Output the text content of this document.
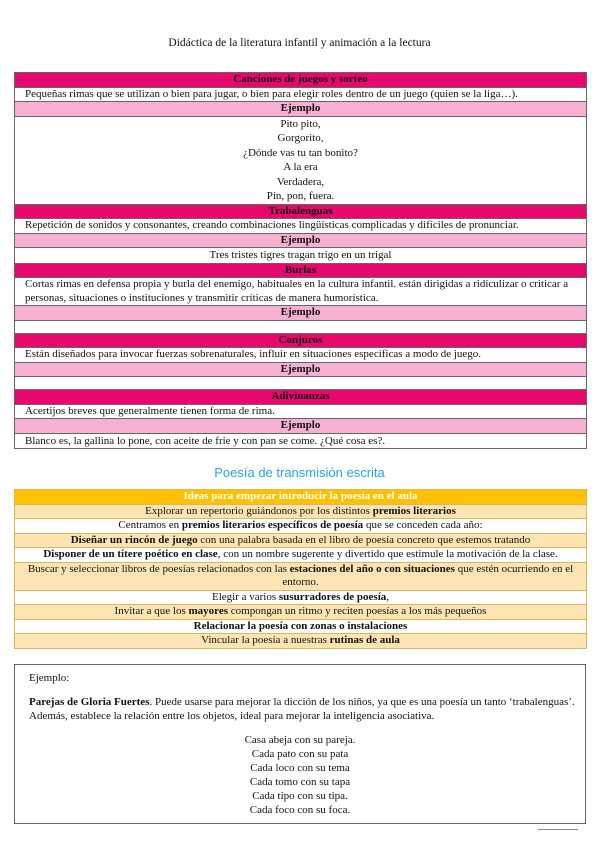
Didáctica de la literatura infantil y animación a la lectura
Canciones de juegos y sorteo
Pequeñas rimas que se utilizan o bien para jugar, o bien para elegir roles dentro de un juego (quien se la liga…).
Ejemplo

Pito pito,
Gorgorito,
¿Dónde vas tu tan bonito?
A la era
Verdadera,
Pin, pon, fuera.

Trabalenguas
Repetición de sonidos y consonantes, creando combinaciones lingüísticas complicadas y difíciles de pronunciar.
Ejemplo

Tres tristes tigres tragan trigo en un trigal

Burlas
Cortas rimas en defensa propia y burla del enemigo, habituales en la cultura infantil. están dirigidas a ridiculizar o criticar a personas, situaciones o instituciones y transmitir críticas de manera humorística.
Ejemplo

Conjuros
Están diseñados para invocar fuerzas sobrenaturales, influir en situaciones específicas a modo de juego.
Ejemplo

Adivinanzas
Acertijos breves que generalmente tienen forma de rima.
Ejemplo

Blanco es, la gallina lo pone, con aceite de frie y con pan se come. ¿Qué cosa es?.
Poesía de transmisión escrita
Ideas para empezar introducir la poesía en el aula
Explorar un repertorio guiándonos por los distintos premios literarios
Centramos en premios literarios específicos de poesía que se conceden cada año:
Diseñar un rincón de juego con una palabra basada en el libro de poesía concreto que estemos tratando
Disponer de un títere poético en clase, con un nombre sugerente y divertido que estimule la motivación de la clase.
Buscar y seleccionar libros de poesías relacionados con las estaciones del año o con situaciones que estén ocurriendo en el entorno.
Elegir a varios susurradores de poesía,
Invitar a que los mayores compongan un ritmo y reciten poesías a los más pequeños
Relacionar la poesía con zonas o instalaciones
Vincular la poesía a nuestras rutinas de aula
Ejemplo:
Parejas de Gloria Fuertes. Puede usarse para mejorar la dicción de los niños, ya que es una poesía un tanto ‘trabalenguas’. Además, establece la relación entre los objetos, ideal para mejorar la inteligencia asociativa.
Casa abeja con su pareja.
Cada pato con su pata
Cada loco con su tema
Cada tomo con su tapa
Cada tipo con su tipa.
Cada foco con su foca.
